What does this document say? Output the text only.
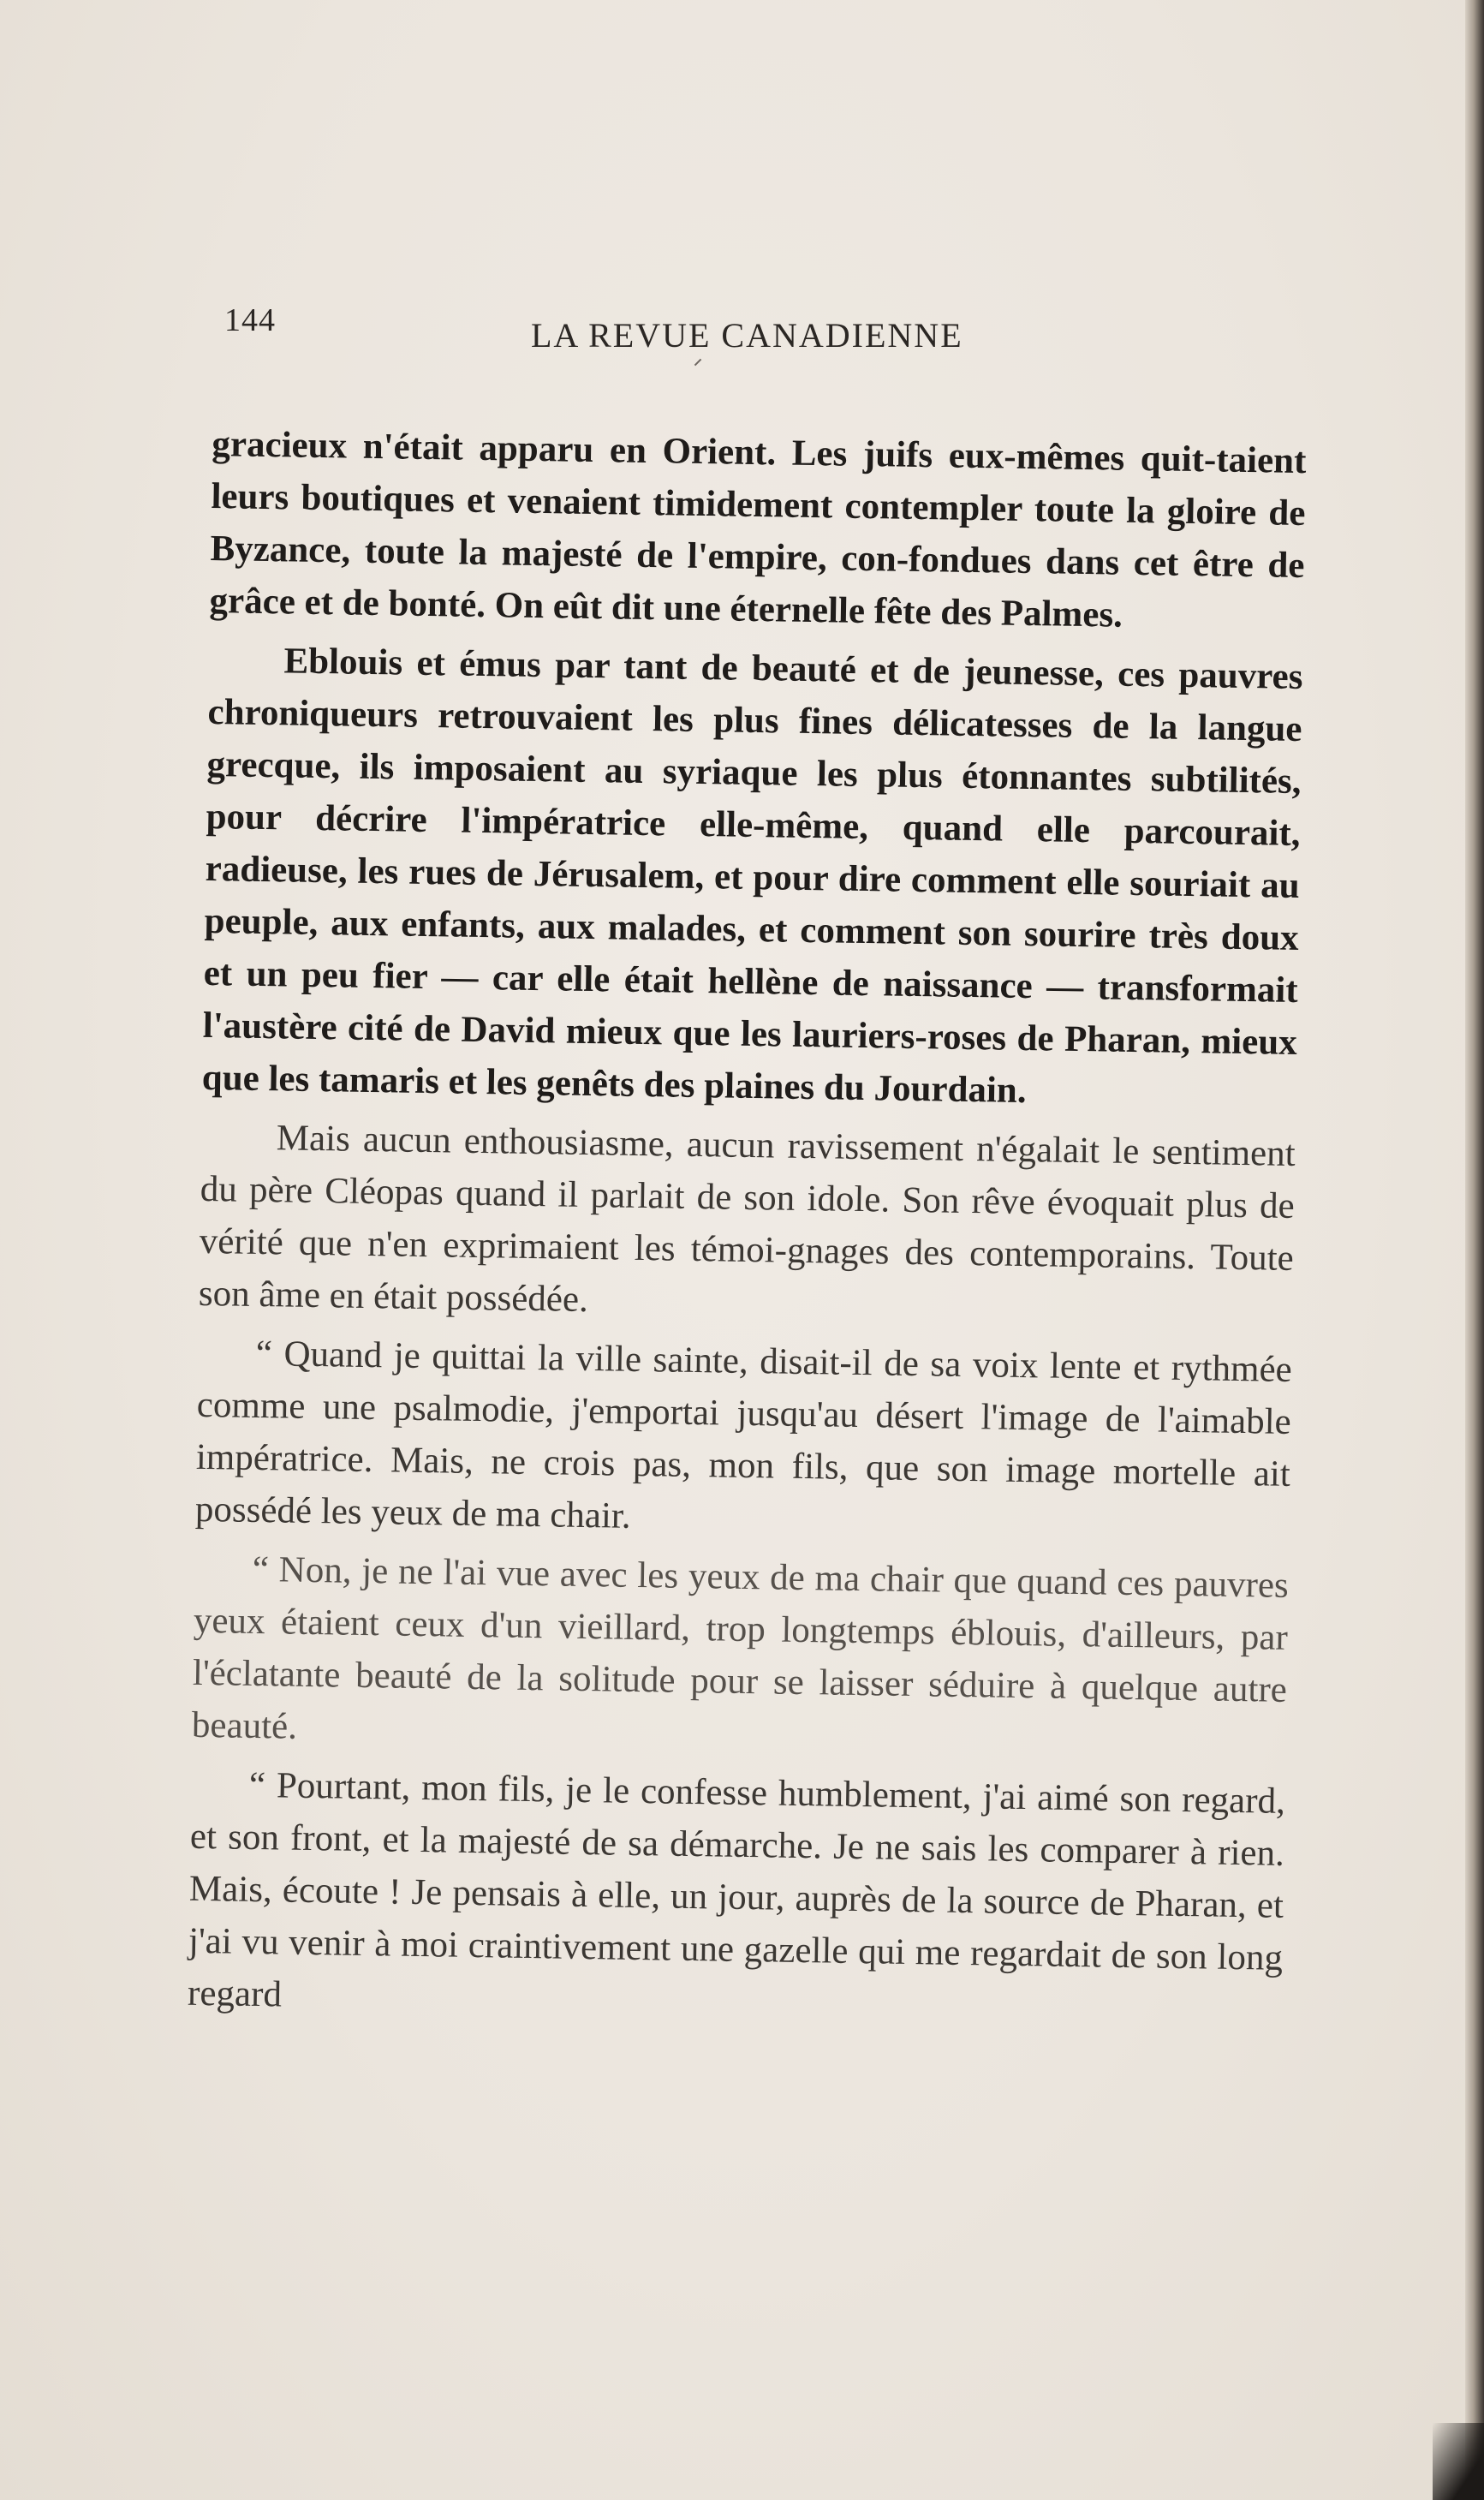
144	LA REVUE CANADIENNE

gracieux n'était apparu en Orient. Les juifs eux-mêmes quit-taient leurs boutiques et venaient timidement contempler toute la gloire de Byzance, toute la majesté de l'empire, con-fondues dans cet être de grâce et de bonté. On eût dit une éternelle fête des Palmes.

Eblouis et émus par tant de beauté et de jeunesse, ces pauvres chroniqueurs retrouvaient les plus fines délicatesses de la langue grecque, ils imposaient au syriaque les plus étonnantes subtilités, pour décrire l'impératrice elle-même, quand elle parcourait, radieuse, les rues de Jérusalem, et pour dire comment elle souriait au peuple, aux enfants, aux malades, et comment son sourire très doux et un peu fier — car elle était hellène de naissance — transformait l'austère cité de David mieux que les lauriers-roses de Pharan, mieux que les tamaris et les genêts des plaines du Jourdain.

Mais aucun enthousiasme, aucun ravissement n'égalait le sentiment du père Cléopas quand il parlait de son idole. Son rêve évoquait plus de vérité que n'en exprimaient les témoi-gnages des contemporains. Toute son âme en était possédée.

“ Quand je quittai la ville sainte, disait-il de sa voix lente et rythmée comme une psalmodie, j'emportai jusqu'au désert l'image de l'aimable impératrice. Mais, ne crois pas, mon fils, que son image mortelle ait possédé les yeux de ma chair.

“ Non, je ne l'ai vue avec les yeux de ma chair que quand ces pauvres yeux étaient ceux d'un vieillard, trop longtemps éblouis, d'ailleurs, par l'éclatante beauté de la solitude pour se laisser séduire à quelque autre beauté.

“ Pourtant, mon fils, je le confesse humblement, j'ai aimé son regard, et son front, et la majesté de sa démarche. Je ne sais les comparer à rien. Mais, écoute ! Je pensais à elle, un jour, auprès de la source de Pharan, et j'ai vu venir à moi craintivement une gazelle qui me regardait de son long regard
